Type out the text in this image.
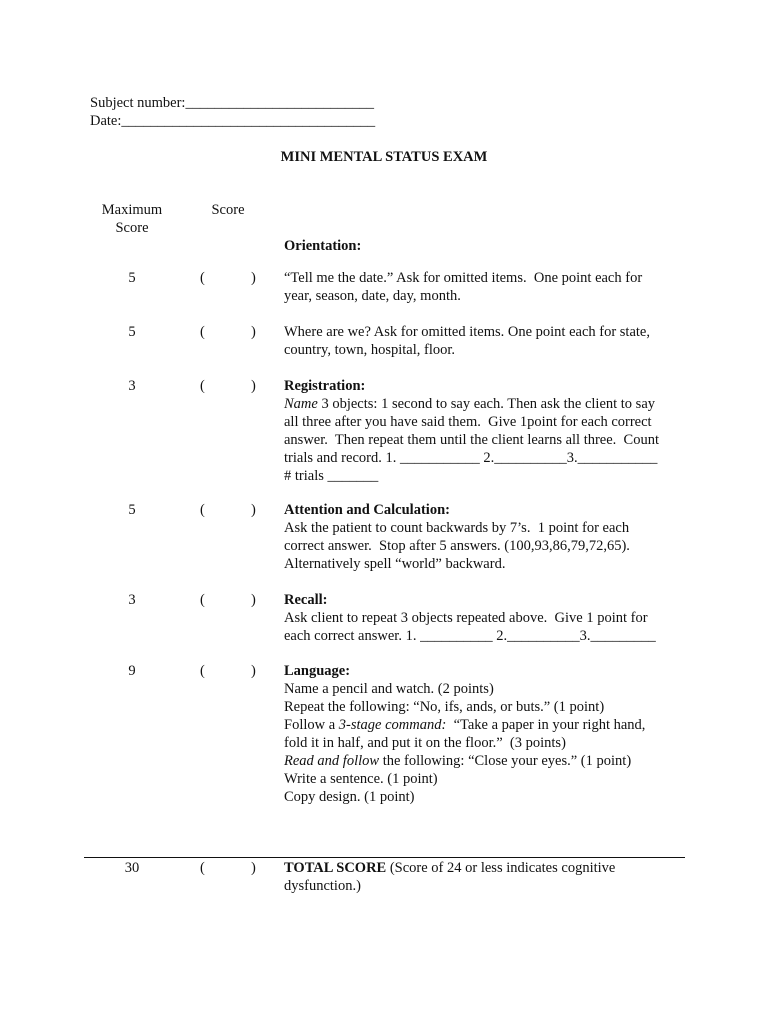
Subject number:__________________________
Date:___________________________________
MINI MENTAL STATUS EXAM
Maximum
Score
Score
Orientation:
5	(	) “Tell me the date.” Ask for omitted items.  One point each for
year, season, date, day, month.
5	(	) Where are we? Ask for omitted items. One point each for state,
country, town, hospital, floor.
3	(	) Registration:
Name 3 objects: 1 second to say each. Then ask the client to say
all three after you have said them.  Give 1point for each correct
answer.  Then repeat them until the client learns all three.  Count
trials and record. 1. ___________ 2.__________3.___________
# trials _______
5	(	) Attention and Calculation:
Ask the patient to count backwards by 7’s.  1 point for each
correct answer.  Stop after 5 answers. (100,93,86,79,72,65).
Alternatively spell “world” backward.
3	(	) Recall:
Ask client to repeat 3 objects repeated above.  Give 1 point for
each correct answer. 1. __________ 2.__________3._________
9	(	) Language:
Name a pencil and watch. (2 points)
Repeat the following: “No, ifs, ands, or buts.” (1 point)
Follow a 3-stage command:  “Take a paper in your right hand,
fold it in half, and put it on the floor.”  (3 points)
Read and follow the following: “Close your eyes.” (1 point)
Write a sentence. (1 point)
Copy design. (1 point)
30	(	) TOTAL SCORE (Score of 24 or less indicates cognitive
dysfunction.)
